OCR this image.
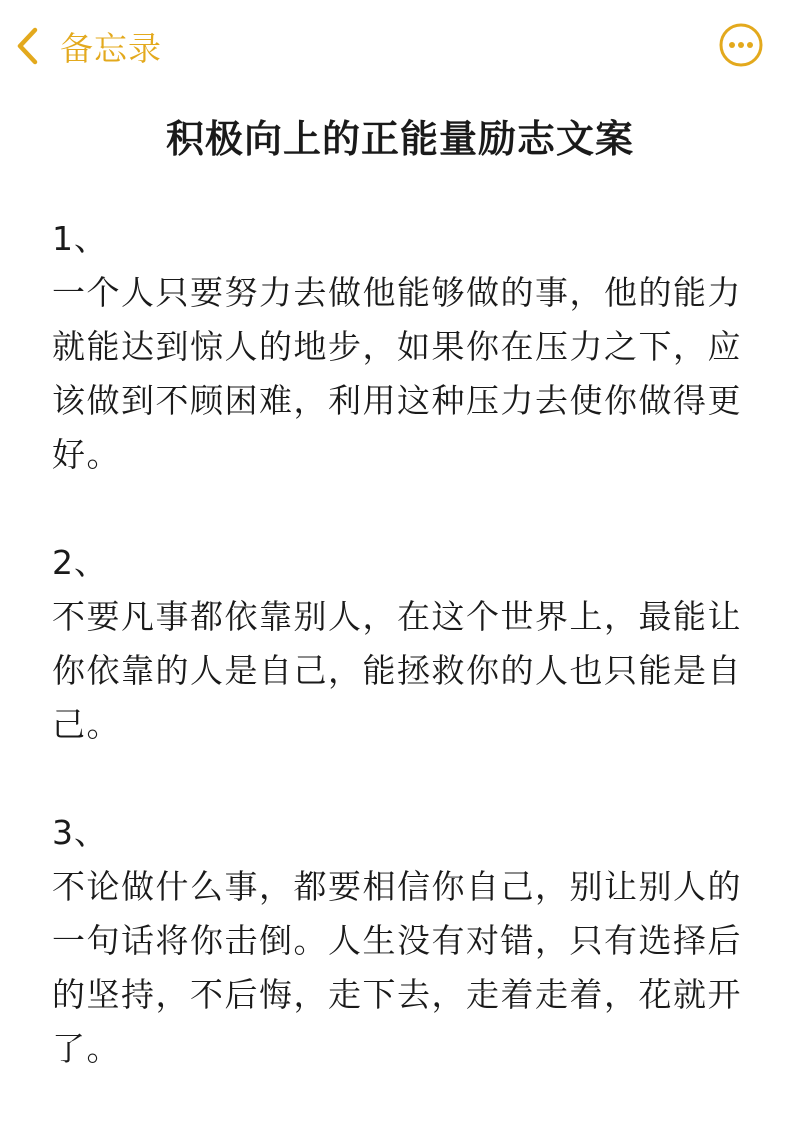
备忘录
积极向上的正能量励志文案
1、
一个人只要努力去做他能够做的事，他的能力就能达到惊人的地步，如果你在压力之下，应该做到不顾困难，利用这种压力去使你做得更好。
2、
不要凡事都依靠别人，在这个世界上，最能让你依靠的人是自己，能拯救你的人也只能是自己。
3、
不论做什么事，都要相信你自己，别让别人的一句话将你击倒。人生没有对错，只有选择后的坚持，不后悔，走下去，走着走着，花就开了。
